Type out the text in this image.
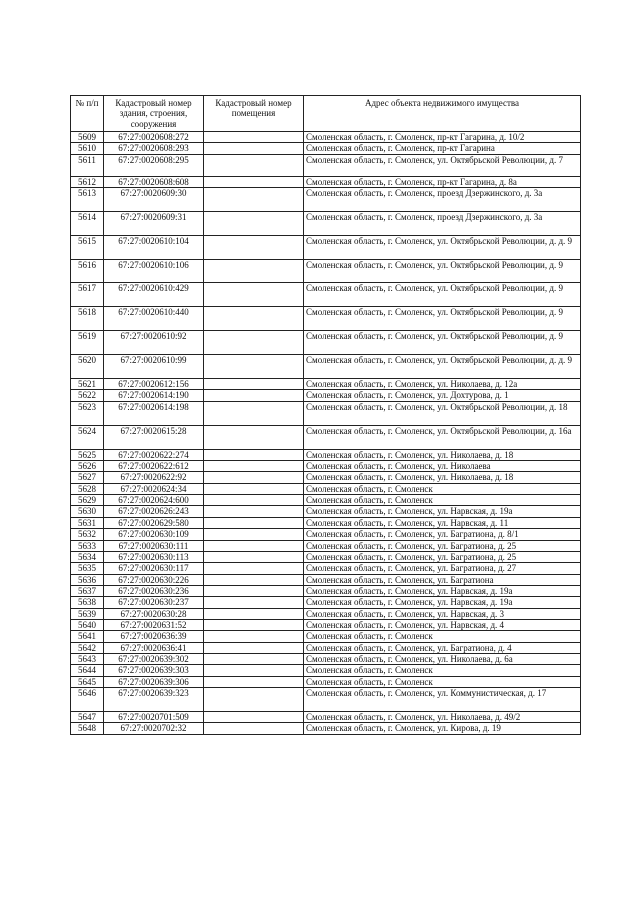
№ п/п	Кадастровый номер здания, строения, сооружения	Кадастровый номер помещения	Адрес объекта недвижимого имущества
5609	67:27:0020608:272		Смоленская область, г. Смоленск, пр-кт Гагарина, д. 10/2
5610	67:27:0020608:293		Смоленская область, г. Смоленск, пр-кт Гагарина
5611	67:27:0020608:295		Смоленская область, г. Смоленск, ул. Октябрьской Революции, д. 7
5612	67:27:0020608:608		Смоленская область, г. Смоленск, пр-кт Гагарина, д. 8а
5613	67:27:0020609:30		Смоленская область, г. Смоленск, проезд Дзержинского, д. 3а
5614	67:27:0020609:31		Смоленская область, г. Смоленск, проезд Дзержинского, д. 3а
5615	67:27:0020610:104		Смоленская область, г. Смоленск, ул. Октябрьской Революции, д. д. 9
5616	67:27:0020610:106		Смоленская область, г. Смоленск, ул. Октябрьской Революции, д. 9
5617	67:27:0020610:429		Смоленская область, г. Смоленск, ул. Октябрьской Революции, д. 9
5618	67:27:0020610:440		Смоленская область, г. Смоленск, ул. Октябрьской Революции, д. 9
5619	67:27:0020610:92		Смоленская область, г. Смоленск, ул. Октябрьской Революции, д. 9
5620	67:27:0020610:99		Смоленская область, г. Смоленск, ул. Октябрьской Революции, д. д. 9
5621	67:27:0020612:156		Смоленская область, г. Смоленск, ул. Николаева, д. 12а
5622	67:27:0020614:190		Смоленская область, г. Смоленск, ул. Дохтурова, д. 1
5623	67:27:0020614:198		Смоленская область, г. Смоленск, ул. Октябрьской Революции, д. 18
5624	67:27:0020615:28		Смоленская область, г. Смоленск, ул. Октябрьской Революции, д. 16а
5625	67:27:0020622:274		Смоленская область, г. Смоленск, ул. Николаева, д. 18
5626	67:27:0020622:612		Смоленская область, г. Смоленск, ул. Николаева
5627	67:27:0020622:92		Смоленская область, г. Смоленск, ул. Николаева, д. 18
5628	67:27:0020624:34		Смоленская область, г. Смоленск
5629	67:27:0020624:600		Смоленская область, г. Смоленск
5630	67:27:0020626:243		Смоленская область, г. Смоленск, ул. Нарвская, д. 19а
5631	67:27:0020629:580		Смоленская область, г. Смоленск, ул. Нарвская, д. 11
5632	67:27:0020630:109		Смоленская область, г. Смоленск, ул. Багратиона, д. 8/1
5633	67:27:0020630:111		Смоленская область, г. Смоленск, ул. Багратиона, д. 25
5634	67:27:0020630:113		Смоленская область, г. Смоленск, ул. Багратиона, д. 25
5635	67:27:0020630:117		Смоленская область, г. Смоленск, ул. Багратиона, д. 27
5636	67:27:0020630:226		Смоленская область, г. Смоленск, ул. Багратиона
5637	67:27:0020630:236		Смоленская область, г. Смоленск, ул. Нарвская, д. 19а
5638	67:27:0020630:237		Смоленская область, г. Смоленск, ул. Нарвская, д. 19а
5639	67:27:0020630:28		Смоленская область, г. Смоленск, ул. Нарвская, д. 3
5640	67:27:0020631:52		Смоленская область, г. Смоленск, ул. Нарвская, д. 4
5641	67:27:0020636:39		Смоленская область, г. Смоленск
5642	67:27:0020636:41		Смоленская область, г. Смоленск, ул. Багратиона, д. 4
5643	67:27:0020639:302		Смоленская область, г. Смоленск, ул. Николаева, д. 6а
5644	67:27:0020639:303		Смоленская область, г. Смоленск
5645	67:27:0020639:306		Смоленская область, г. Смоленск
5646	67:27:0020639:323		Смоленская область, г. Смоленск, ул. Коммунистическая, д. 17
5647	67:27:0020701:509		Смоленская область, г. Смоленск, ул. Николаева, д. 49/2
5648	67:27:0020702:32		Смоленская область, г. Смоленск, ул. Кирова, д. 19
